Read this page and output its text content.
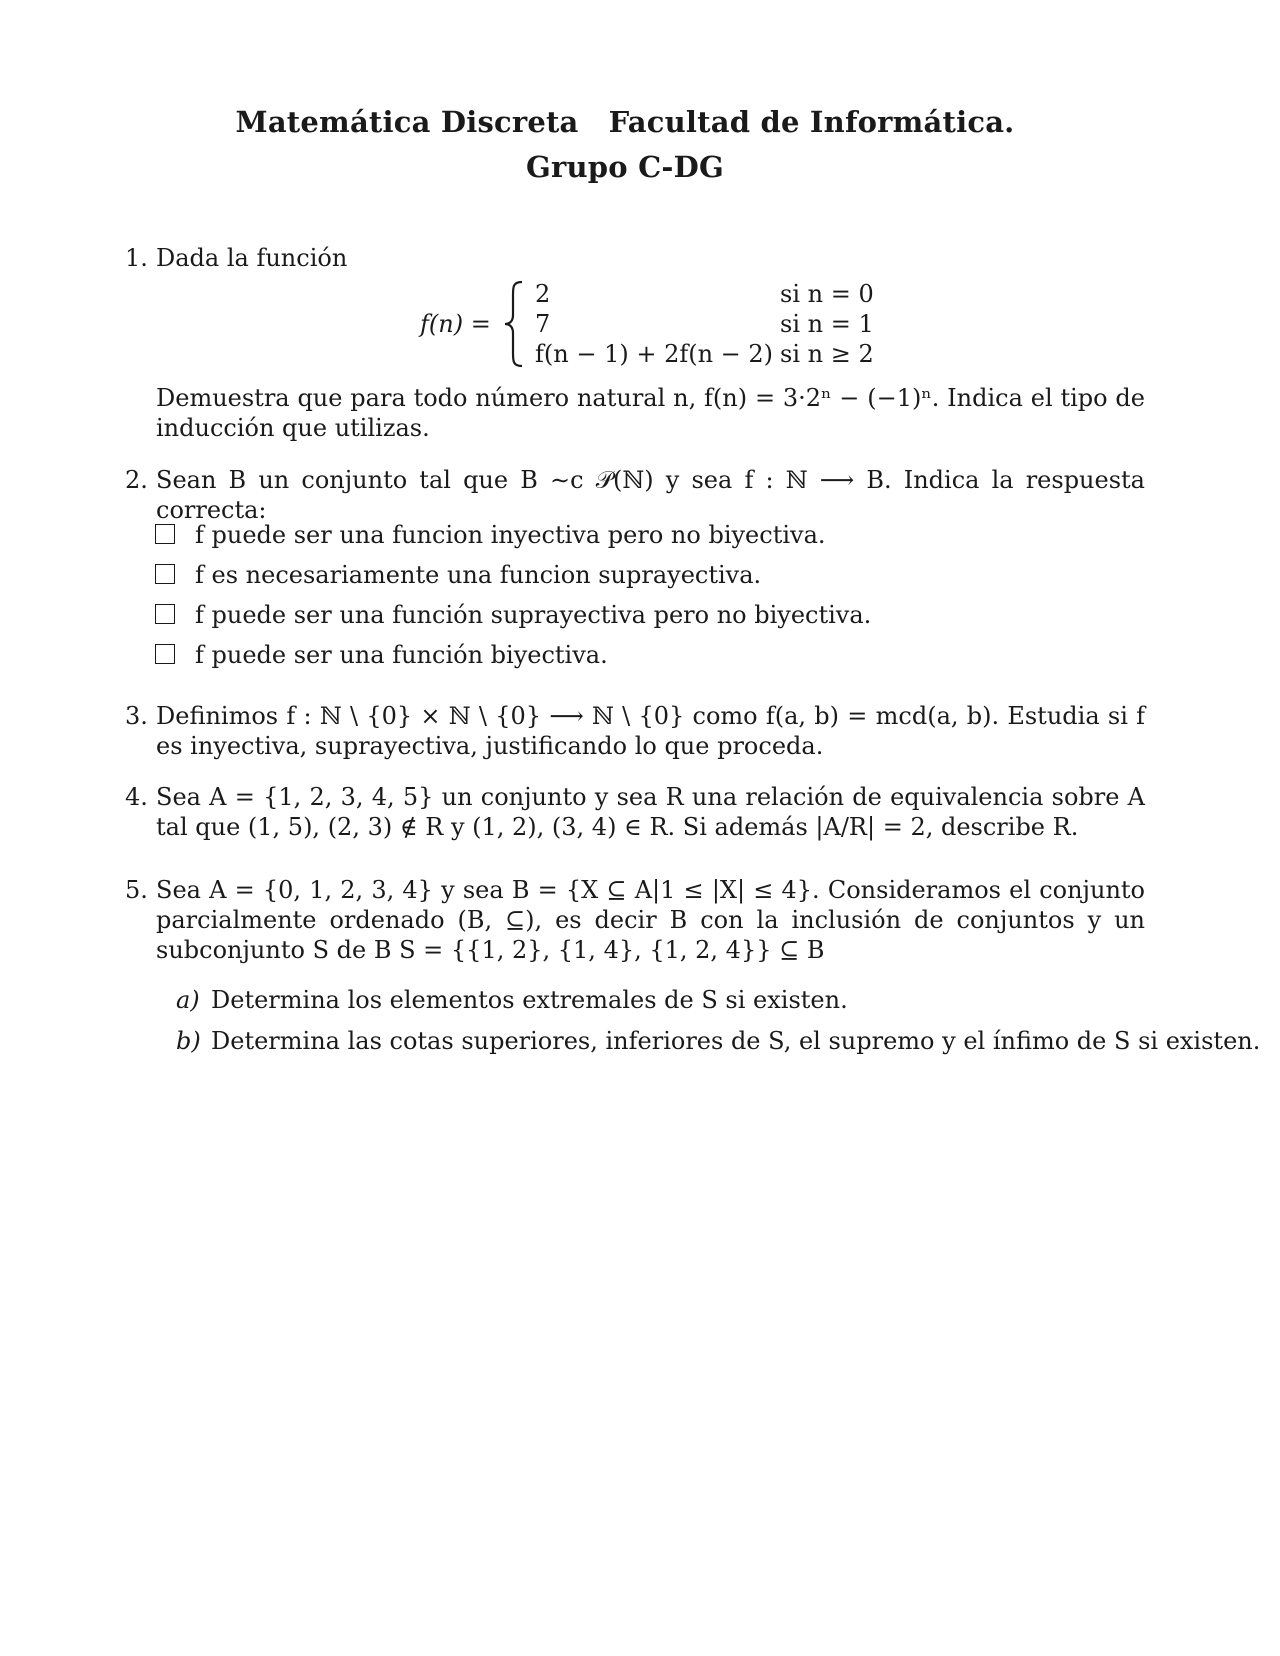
Matemática Discreta Facultad de Informática.
Grupo C-DG
1. Dada la función
f(n) =
2	si n = 0
7	si n = 1
f(n − 1) + 2f(n − 2) si n ≥ 2
Demuestra que para todo número natural n, f(n) = 3·2ⁿ − (−1)ⁿ. Indica el tipo de inducción que utilizas.
2. Sean B un conjunto tal que B ∼c 𝒫(ℕ) y sea f : ℕ ⟶ B. Indica la respuesta correcta:
f puede ser una funcion inyectiva pero no biyectiva.
f es necesariamente una funcion suprayectiva.
f puede ser una función suprayectiva pero no biyectiva.
f puede ser una función biyectiva.
3. Definimos f : ℕ \ {0} × ℕ \ {0} ⟶ ℕ \ {0} como f(a, b) = mcd(a, b). Estudia si f es inyectiva, suprayectiva, justificando lo que proceda.
4. Sea A = {1, 2, 3, 4, 5} un conjunto y sea R una relación de equivalencia sobre A tal que (1, 5), (2, 3) ∉ R y (1, 2), (3, 4) ∈ R. Si además |A/R| = 2, describe R.
5. Sea A = {0, 1, 2, 3, 4} y sea B = {X ⊆ A|1 ≤ |X| ≤ 4}. Consideramos el conjunto parcialmente ordenado (B, ⊆), es decir B con la inclusión de conjuntos y un subconjunto S de B S = {{1, 2}, {1, 4}, {1, 2, 4}} ⊆ B
a) Determina los elementos extremales de S si existen.
b) Determina las cotas superiores, inferiores de S, el supremo y el ínfimo de S si existen.
